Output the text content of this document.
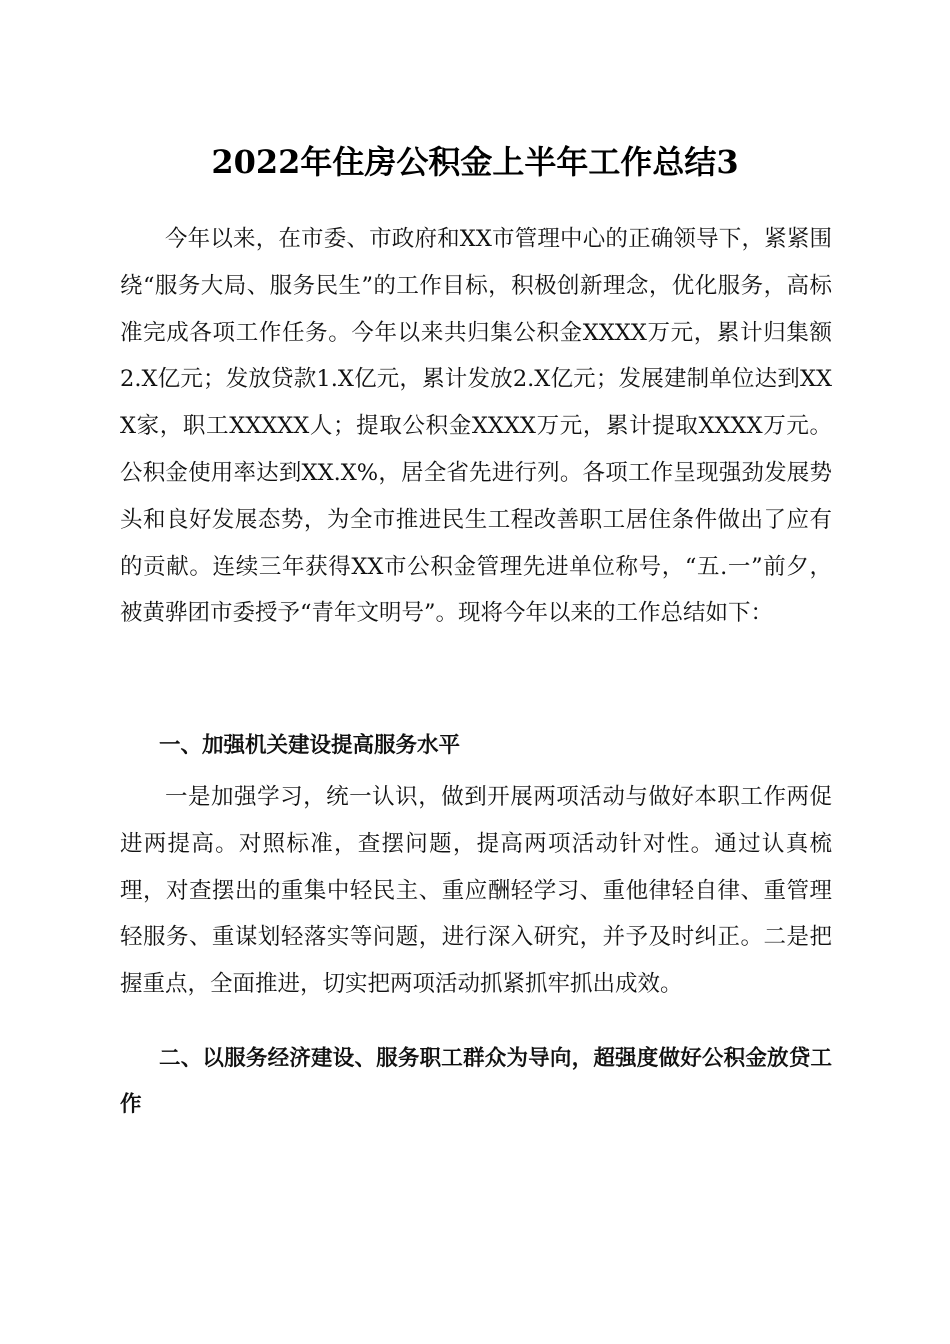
2022年住房公积金上半年工作总结3

今年以来，在市委、市政府和XX市管理中心的正确领导下，紧紧围绕“服务大局、服务民生”的工作目标，积极创新理念，优化服务，高标准完成各项工作任务。今年以来共归集公积金XXXX万元，累计归集额2.X亿元；发放贷款1.X亿元，累计发放2.X亿元；发展建制单位达到XXX家，职工XXXXX人；提取公积金XXXX万元，累计提取XXXX万元。公积金使用率达到XX.X%，居全省先进行列。各项工作呈现强劲发展势头和良好发展态势，为全市推进民生工程改善职工居住条件做出了应有的贡献。连续三年获得XX市公积金管理先进单位称号，“五.一”前夕，被黄骅团市委授予“青年文明号”。现将今年以来的工作总结如下：

一、加强机关建设提高服务水平

一是加强学习，统一认识，做到开展两项活动与做好本职工作两促进两提高。对照标准，查摆问题，提高两项活动针对性。通过认真梳理，对查摆出的重集中轻民主、重应酬轻学习、重他律轻自律、重管理轻服务、重谋划轻落实等问题，进行深入研究，并予及时纠正。二是把握重点，全面推进，切实把两项活动抓紧抓牢抓出成效。

二、以服务经济建设、服务职工群众为导向，超强度做好公积金放贷工作
